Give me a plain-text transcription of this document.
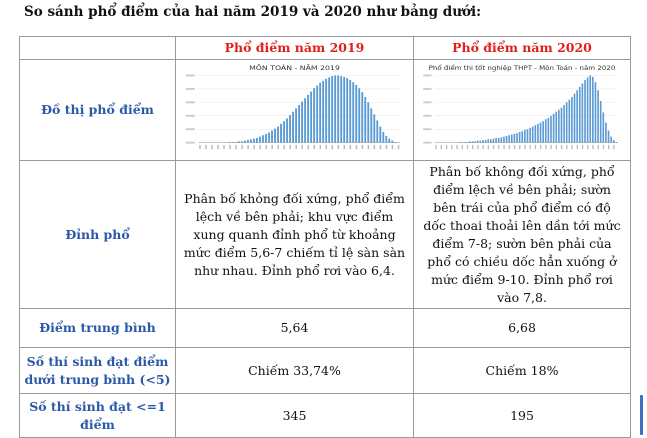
So sánh phổ điểm của hai năm 2019 và 2020 như bảng dưới:
	Phổ điểm năm 2019	Phổ điểm năm 2020
Đồ thị phổ điểm	MÔN TOÁN - NĂM 2019	Phổ điểm thi tốt nghiệp THPT - Môn Toán - năm 2020

Đỉnh phổ	Phân bố khỏng đối xứng, phổ điểm lệch về bên phải; khu vực điểm xung quanh đỉnh phổ từ khoảng mức điểm 5,6-7 chiếm tỉ lệ sàn sàn như nhau. Đỉnh phổ rơi vào 6,4.	Phân bố không đối xứng, phổ điểm lệch về bên phải; sườn bên trái của phổ điểm có độ dốc thoai thoải lên dần tới mức điểm 7-8; sườn bên phải của phổ có chiều dốc hẳn xuống ở mức điểm 9-10. Đỉnh phổ rơi vào 7,8.
Điểm trung bình	5,64	6,68
Số thí sinh đạt điểm dưới trung bình (<5)	Chiếm 33,74%	Chiếm 18%
Số thí sinh đạt <=1 điểm	345	195
